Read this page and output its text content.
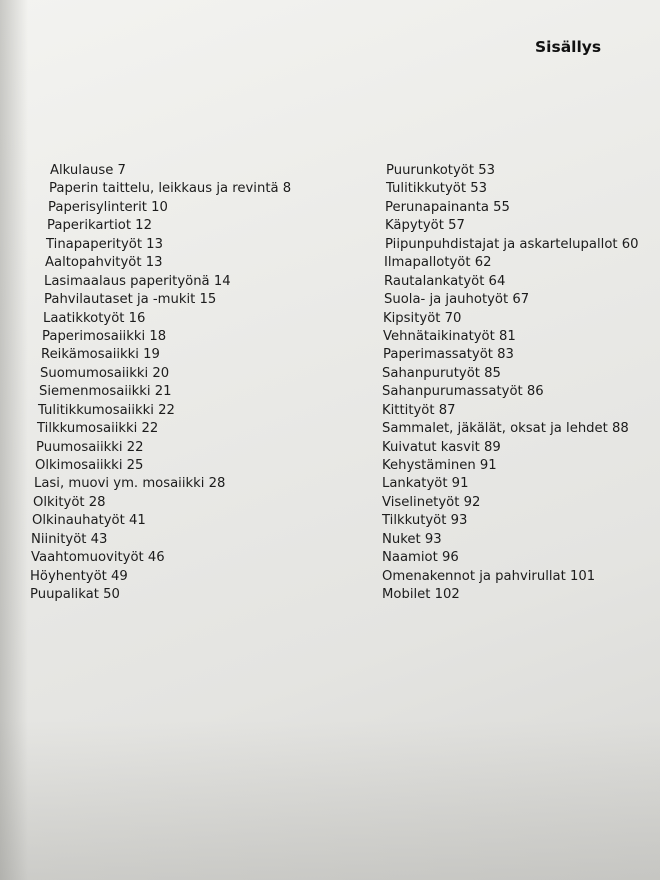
Sisällys
Alkulause 7
Paperin taittelu, leikkaus ja revintä 8
Paperisylinterit 10
Paperikartiot 12
Tinapaperityöt 13
Aaltopahvityöt 13
Lasimaalaus paperityönä 14
Pahvilautaset ja -mukit 15
Laatikkotyöt 16
Paperimosaiikki 18
Reikämosaiikki 19
Suomumosaiikki 20
Siemenmosaiikki 21
Tulitikkumosaiikki 22
Tilkkumosaiikki 22
Puumosaiikki 22
Olkimosaiikki 25
Lasi, muovi ym. mosaiikki 28
Olkityöt 28
Olkinauhatyöt 41
Niinityöt 43
Vaahtomuovityöt 46
Höyhentyöt 49
Puupalikat 50
Puurunkotyöt 53
Tulitikkutyöt 53
Perunapainanta 55
Käpytyöt 57
Piipunpuhdistajat ja askartelupallot 60
Ilmapallotyöt 62
Rautalankatyöt 64
Suola- ja jauhotyöt 67
Kipsityöt 70
Vehnätaikinatyöt 81
Paperimassatyöt 83
Sahanpurutyöt 85
Sahanpurumassatyöt 86
Kittityöt 87
Sammalet, jäkälät, oksat ja lehdet 88
Kuivatut kasvit 89
Kehystäminen 91
Lankatyöt 91
Viselinetyöt 92
Tilkkutyöt 93
Nuket 93
Naamiot 96
Omenakennot ja pahvirullat 101
Mobilet 102
